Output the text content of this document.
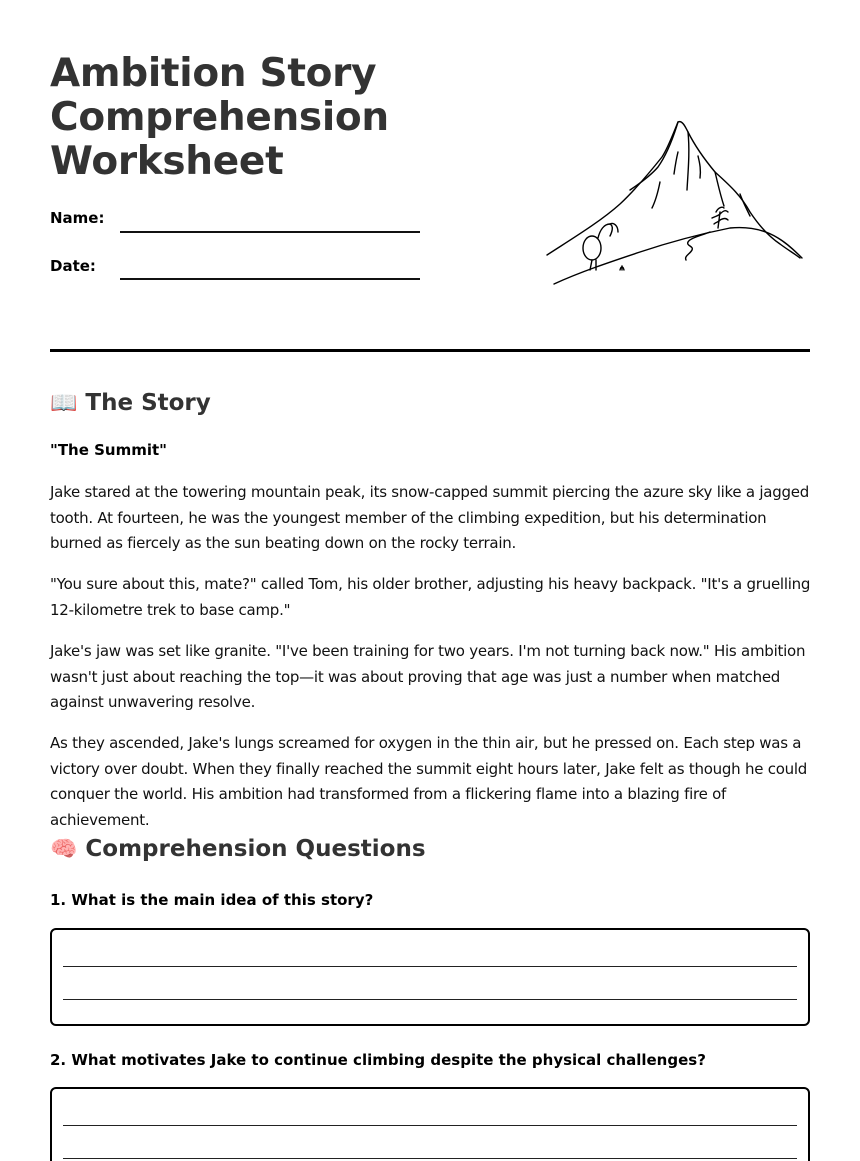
Ambition Story Comprehension Worksheet
Name:
Date:
📖 The Story
"The Summit"

Jake stared at the towering mountain peak, its snow-capped summit piercing the azure sky like a jagged tooth. At fourteen, he was the youngest member of the climbing expedition, but his determination burned as fiercely as the sun beating down on the rocky terrain.

"You sure about this, mate?" called Tom, his older brother, adjusting his heavy backpack. "It's a gruelling 12-kilometre trek to base camp."

Jake's jaw was set like granite. "I've been training for two years. I'm not turning back now." His ambition wasn't just about reaching the top—it was about proving that age was just a number when matched against unwavering resolve.

As they ascended, Jake's lungs screamed for oxygen in the thin air, but he pressed on. Each step was a victory over doubt. When they finally reached the summit eight hours later, Jake felt as though he could conquer the world. His ambition had transformed from a flickering flame into a blazing fire of achievement.

🧠 Comprehension Questions
1. What is the main idea of this story?
2. What motivates Jake to continue climbing despite the physical challenges?
